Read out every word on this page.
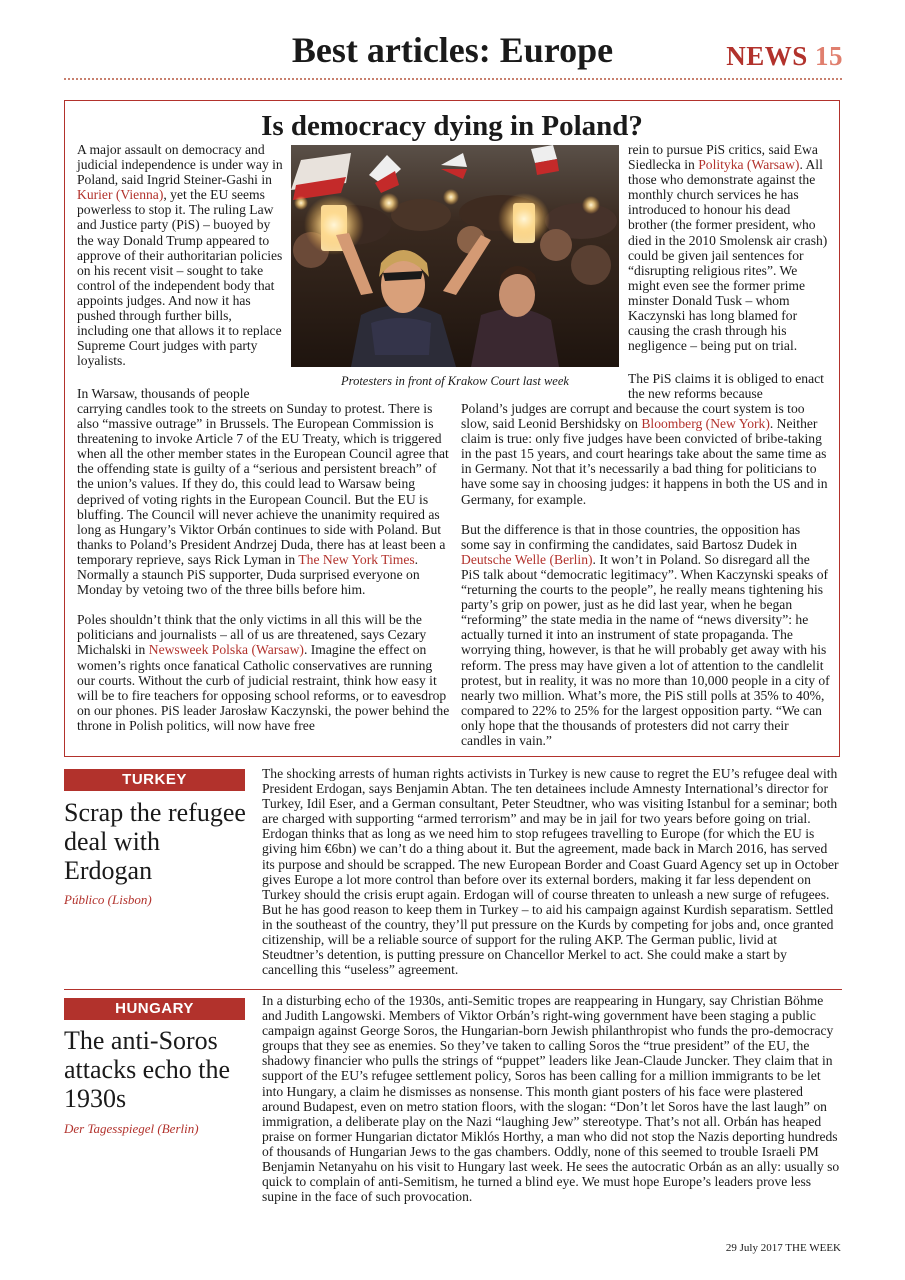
Best articles: Europe	NEWS 15
Is democracy dying in Poland?

A major assault on democracy and judicial independence is under way in Poland, said Ingrid Steiner-Gashi in Kurier (Vienna), yet the EU seems powerless to stop it. The ruling Law and Justice party (PiS) – buoyed by the way Donald Trump appeared to approve of their authoritarian policies on his recent visit – sought to take control of the independent body that appoints judges. And now it has pushed through further bills, including one that allows it to replace Supreme Court judges with party loyalists.

In Warsaw, thousands of people

carrying candles took to the streets on Sunday to protest. There is also “massive outrage” in Brussels. The European Commission is threatening to invoke Article 7 of the EU Treaty, which is triggered when all the other member states in the European Council agree that the offending state is guilty of a “serious and persistent breach” of the union’s values. If they do, this could lead to Warsaw being deprived of voting rights in the European Council. But the EU is bluffing. The Council will never achieve the unanimity required as long as Hungary’s Viktor Orbán continues to side with Poland. But thanks to Poland’s President Andrzej Duda, there has at least been a temporary reprieve, says Rick Lyman in The New York Times. Normally a staunch PiS supporter, Duda surprised everyone on Monday by vetoing two of the three bills before him.

Poles shouldn’t think that the only victims in all this will be the politicians and journalists – all of us are threatened, says Cezary Michalski in Newsweek Polska (Warsaw). Imagine the effect on women’s rights once fanatical Catholic conservatives are running our courts. Without the curb of judicial restraint, think how easy it will be to fire teachers for opposing school reforms, or to eavesdrop on our phones. PiS leader Jarosław Kaczynski, the power behind the throne in Polish politics, will now have free

Protesters in front of Krakow Court last week

rein to pursue PiS critics, said Ewa Siedlecka in Polityka (Warsaw). All those who demonstrate against the monthly church services he has introduced to honour his dead brother (the former president, who died in the 2010 Smolensk air crash) could be given jail sentences for “disrupting religious rites”. We might even see the former prime minster Donald Tusk – whom Kaczynski has long blamed for causing the crash through his negligence – being put on trial.

The PiS claims it is obliged to enact the new reforms because

Poland’s judges are corrupt and because the court system is too slow, said Leonid Bershidsky on Bloomberg (New York). Neither claim is true: only five judges have been convicted of bribe-taking in the past 15 years, and court hearings take about the same time as in Germany. Not that it’s necessarily a bad thing for politicians to have some say in choosing judges: it happens in both the US and in Germany, for example.

But the difference is that in those countries, the opposition has some say in confirming the candidates, said Bartosz Dudek in Deutsche Welle (Berlin). It won’t in Poland. So disregard all the PiS talk about “democratic legitimacy”. When Kaczynski speaks of “returning the courts to the people”, he really means tightening his party’s grip on power, just as he did last year, when he began “reforming” the state media in the name of “news diversity”: he actually turned it into an instrument of state propaganda. The worrying thing, however, is that he will probably get away with his reform. The press may have given a lot of attention to the candlelit protest, but in reality, it was no more than 10,000 people in a city of nearly two million. What’s more, the PiS still polls at 35% to 40%, compared to 22% to 25% for the largest opposition party. “We can only hope that the thousands of protesters did not carry their candles in vain.”

TURKEY
Scrap the refugee deal with Erdogan
Público (Lisbon)
The shocking arrests of human rights activists in Turkey is new cause to regret the EU’s refugee deal with President Erdogan, says Benjamin Abtan. The ten detainees include Amnesty International’s director for Turkey, Idil Eser, and a German consultant, Peter Steudtner, who was visiting Istanbul for a seminar; both are charged with supporting “armed terrorism” and may be in jail for two years before going on trial. Erdogan thinks that as long as we need him to stop refugees travelling to Europe (for which the EU is giving him €6bn) we can’t do a thing about it. But the agreement, made back in March 2016, has served its purpose and should be scrapped. The new European Border and Coast Guard Agency set up in October gives Europe a lot more control than before over its external borders, making it far less dependent on Turkey should the crisis erupt again. Erdogan will of course threaten to unleash a new surge of refugees. But he has good reason to keep them in Turkey – to aid his campaign against Kurdish separatism. Settled in the southeast of the country, they’ll put pressure on the Kurds by competing for jobs and, once granted citizenship, will be a reliable source of support for the ruling AKP. The German public, livid at Steudtner’s detention, is putting pressure on Chancellor Merkel to act. She could make a start by cancelling this “useless” agreement.
HUNGARY
The anti-Soros attacks echo the 1930s
Der Tagesspiegel (Berlin)
In a disturbing echo of the 1930s, anti-Semitic tropes are reappearing in Hungary, say Christian Böhme and Judith Langowski. Members of Viktor Orbán’s right-wing government have been staging a public campaign against George Soros, the Hungarian-born Jewish philanthropist who funds the pro-democracy groups that they see as enemies. So they’ve taken to calling Soros the “true president” of the EU, the shadowy financier who pulls the strings of “puppet” leaders like Jean-Claude Juncker. They claim that in support of the EU’s refugee settlement policy, Soros has been calling for a million immigrants to be let into Hungary, a claim he dismisses as nonsense. This month giant posters of his face were plastered around Budapest, even on metro station floors, with the slogan: “Don’t let Soros have the last laugh” on immigration, a deliberate play on the Nazi “laughing Jew” stereotype. That’s not all. Orbán has heaped praise on former Hungarian dictator Miklós Horthy, a man who did not stop the Nazis deporting hundreds of thousands of Hungarian Jews to the gas chambers. Oddly, none of this seemed to trouble Israeli PM Benjamin Netanyahu on his visit to Hungary last week. He sees the autocratic Orbán as an ally: usually so quick to complain of anti-Semitism, he turned a blind eye. We must hope Europe’s leaders prove less supine in the face of such provocation.
29 July 2017 THE WEEK
